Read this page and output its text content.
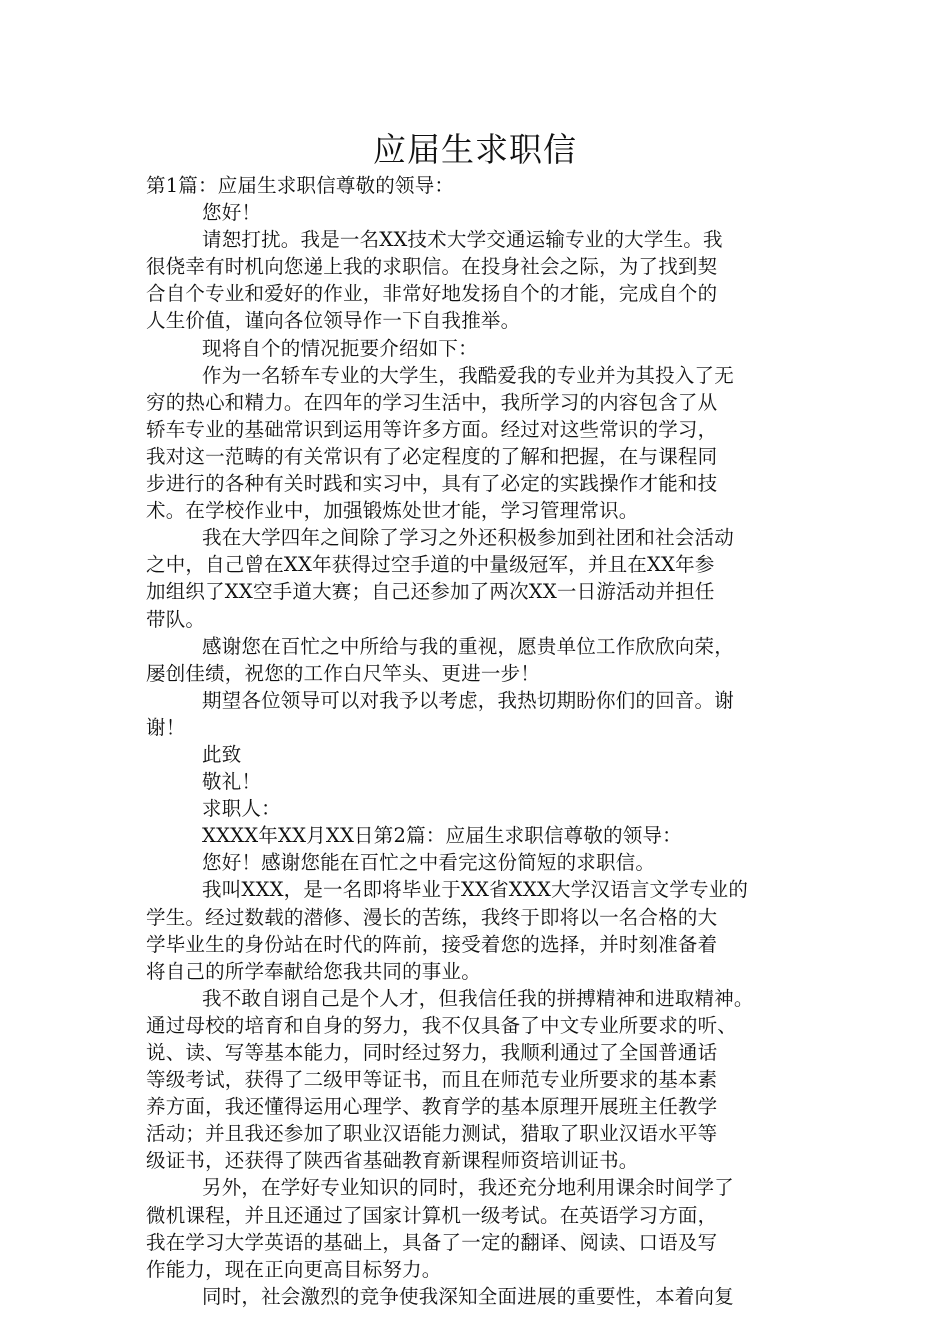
应届生求职信
第1篇：应届生求职信尊敬的领导：
您好！
请恕打扰。我是一名XX技术大学交通运输专业的大学生。我
很侥幸有时机向您递上我的求职信。在投身社会之际，为了找到契
合自个专业和爱好的作业，非常好地发扬自个的才能，完成自个的
人生价值，谨向各位领导作一下自我推举。
现将自个的情况扼要介绍如下：
作为一名轿车专业的大学生，我酷爱我的专业并为其投入了无
穷的热心和精力。在四年的学习生活中，我所学习的内容包含了从
轿车专业的基础常识到运用等许多方面。经过对这些常识的学习，
我对这一范畴的有关常识有了必定程度的了解和把握，在与课程同
步进行的各种有关时践和实习中，具有了必定的实践操作才能和技
术。在学校作业中，加强锻炼处世才能，学习管理常识。
我在大学四年之间除了学习之外还积极参加到社团和社会活动
之中，自己曾在XX年获得过空手道的中量级冠军，并且在XX年参
加组织了XX空手道大赛；自己还参加了两次XX一日游活动并担任
带队。
感谢您在百忙之中所给与我的重视，愿贵单位工作欣欣向荣，
屡创佳绩，祝您的工作白尺竿头、更进一步！
期望各位领导可以对我予以考虑，我热切期盼你们的回音。谢
谢！
此致
敬礼！
求职人：
XXXX年XX月XX日第2篇：应届生求职信尊敬的领导：
您好！感谢您能在百忙之中看完这份简短的求职信。
我叫XXX，是一名即将毕业于XX省XXX大学汉语言文学专业的
学生。经过数载的潜修、漫长的苦练，我终于即将以一名合格的大
学毕业生的身份站在时代的阵前，接受着您的选择，并时刻准备着
将自己的所学奉献给您我共同的事业。
我不敢自诩自己是个人才，但我信任我的拼搏精神和进取精神。
通过母校的培育和自身的努力，我不仅具备了中文专业所要求的听、
说、读、写等基本能力，同时经过努力，我顺利通过了全国普通话
等级考试，获得了二级甲等证书，而且在师范专业所要求的基本素
养方面，我还懂得运用心理学、教育学的基本原理开展班主任教学
活动；并且我还参加了职业汉语能力测试，猎取了职业汉语水平等
级证书，还获得了陕西省基础教育新课程师资培训证书。
另外，在学好专业知识的同时，我还充分地利用课余时间学了
微机课程，并且还通过了国家计算机一级考试。在英语学习方面，
我在学习大学英语的基础上，具备了一定的翻译、阅读、口语及写
作能力，现在正向更高目标努力。
同时，社会激烈的竞争使我深知全面进展的重要性，本着向复
